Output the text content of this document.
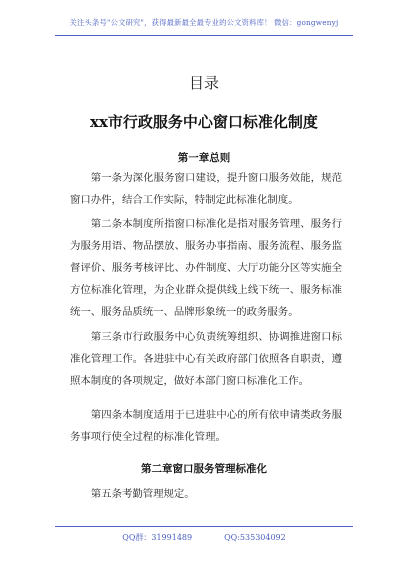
关注头条号"公文研究"，获得最新最全最专业的公文资料库！ 微信：gongwenyj
目录
xx市行政服务中心窗口标准化制度
第一章总则
第一条为深化服务窗口建设，提升窗口服务效能，规范窗口办件，结合工作实际，特制定此标准化制度。
第二条本制度所指窗口标准化是指对服务管理、服务行为服务用语、物品摆放、服务办事指南、服务流程、服务监督评价、服务考核评比、办件制度、大厅功能分区等实施全方位标准化管理，为企业群众提供线上线下统一、服务标准统一、服务品质统一、品牌形象统一的政务服务。
第三条市行政服务中心负责统筹组织、协调推进窗口标准化管理工作。各进驻中心有关政府部门依照各自职责，遵照本制度的各项规定，做好本部门窗口标准化工作。
第四条本制度适用于已进驻中心的所有依申请类政务服务事项行使全过程的标准化管理。
第二章窗口服务管理标准化
第五条考勤管理规定。
QQ群：31991489	QQ:535304092
